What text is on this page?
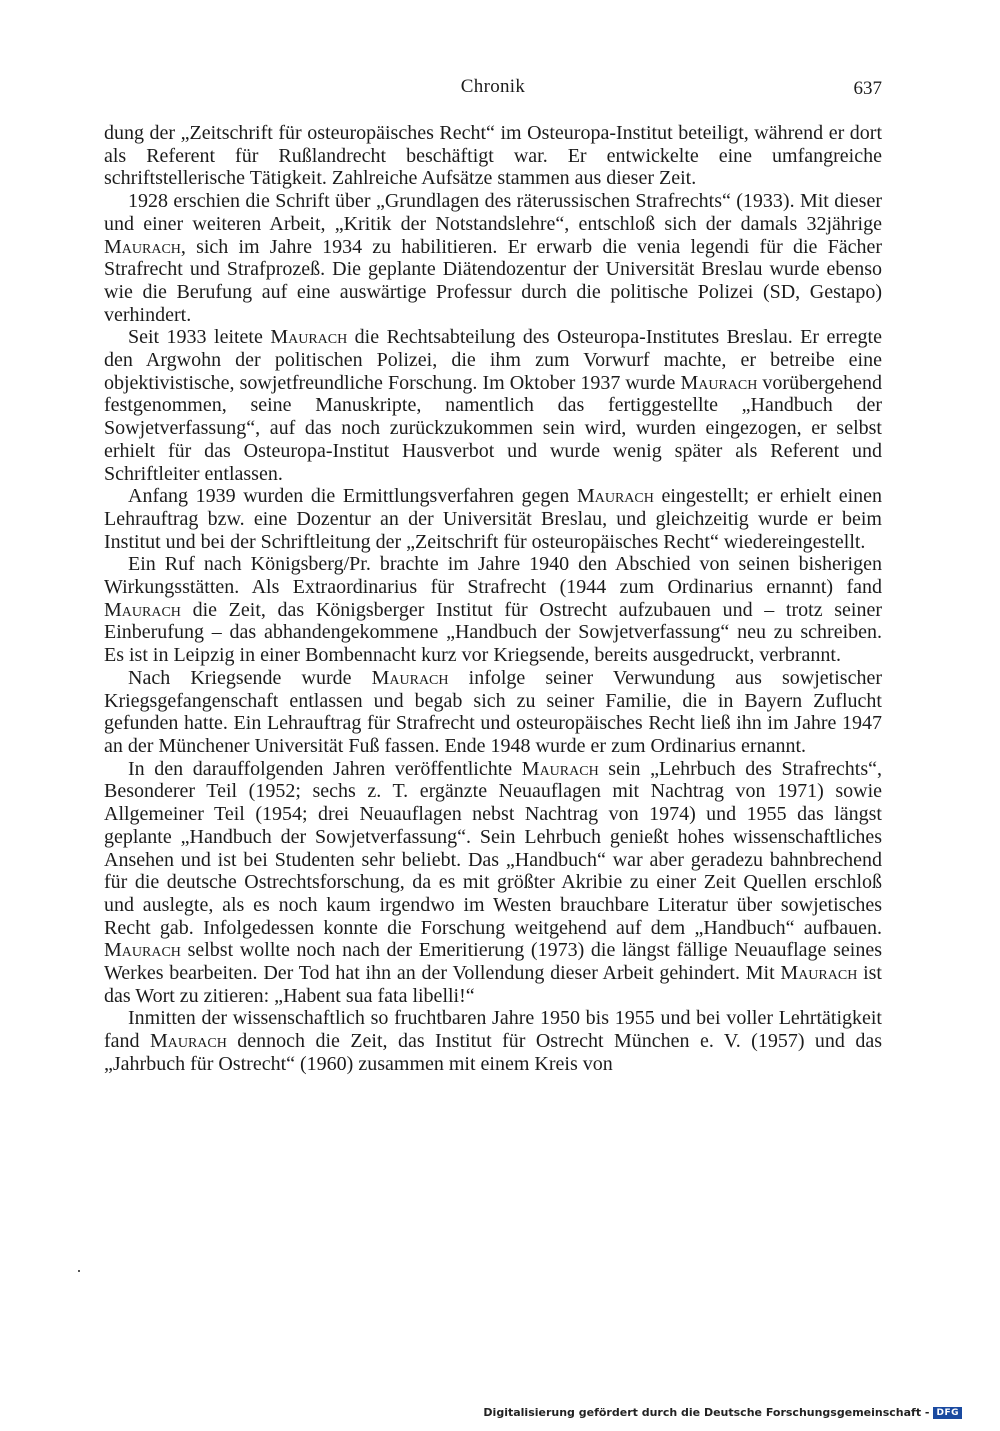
Chronik	637

dung der „Zeitschrift für osteuropäisches Recht“ im Osteuropa-Institut beteiligt, während er dort als Referent für Rußlandrecht beschäftigt war. Er entwickelte eine umfangreiche schriftstellerische Tätigkeit. Zahlreiche Aufsätze stammen aus dieser Zeit.

1928 erschien die Schrift über „Grundlagen des räterussischen Strafrechts“ (1933). Mit dieser und einer weiteren Arbeit, „Kritik der Notstandslehre“, entschloß sich der damals 32jährige Maurach, sich im Jahre 1934 zu habilitieren. Er erwarb die venia legendi für die Fächer Strafrecht und Strafprozeß. Die geplante Diätendozentur der Universität Breslau wurde ebenso wie die Berufung auf eine auswärtige Professur durch die politische Polizei (SD, Gestapo) verhindert.

Seit 1933 leitete Maurach die Rechtsabteilung des Osteuropa-Institutes Breslau. Er erregte den Argwohn der politischen Polizei, die ihm zum Vorwurf machte, er betreibe eine objektivistische, sowjetfreundliche Forschung. Im Oktober 1937 wurde Maurach vorübergehend festgenommen, seine Manuskripte, namentlich das fertiggestellte „Handbuch der Sowjetverfassung“, auf das noch zurückzukommen sein wird, wurden eingezogen, er selbst erhielt für das Osteuropa-Institut Hausverbot und wurde wenig später als Referent und Schriftleiter entlassen.

Anfang 1939 wurden die Ermittlungsverfahren gegen Maurach eingestellt; er erhielt einen Lehrauftrag bzw. eine Dozentur an der Universität Breslau, und gleichzeitig wurde er beim Institut und bei der Schriftleitung der „Zeitschrift für osteuropäisches Recht“ wiedereingestellt.

Ein Ruf nach Königsberg/Pr. brachte im Jahre 1940 den Abschied von seinen bisherigen Wirkungsstätten. Als Extraordinarius für Strafrecht (1944 zum Ordinarius ernannt) fand Maurach die Zeit, das Königsberger Institut für Ostrecht aufzubauen und – trotz seiner Einberufung – das abhandengekommene „Handbuch der Sowjetverfassung“ neu zu schreiben. Es ist in Leipzig in einer Bombennacht kurz vor Kriegsende, bereits ausgedruckt, verbrannt.

Nach Kriegsende wurde Maurach infolge seiner Verwundung aus sowjetischer Kriegsgefangenschaft entlassen und begab sich zu seiner Familie, die in Bayern Zuflucht gefunden hatte. Ein Lehrauftrag für Strafrecht und osteuropäisches Recht ließ ihn im Jahre 1947 an der Münchener Universität Fuß fassen. Ende 1948 wurde er zum Ordinarius ernannt.

In den darauffolgenden Jahren veröffentlichte Maurach sein „Lehrbuch des Strafrechts“, Besonderer Teil (1952; sechs z. T. ergänzte Neuauflagen mit Nachtrag von 1971) sowie Allgemeiner Teil (1954; drei Neuauflagen nebst Nachtrag von 1974) und 1955 das längst geplante „Handbuch der Sowjetverfassung“. Sein Lehrbuch genießt hohes wissenschaftliches Ansehen und ist bei Studenten sehr beliebt. Das „Handbuch“ war aber geradezu bahnbrechend für die deutsche Ostrechtsforschung, da es mit größter Akribie zu einer Zeit Quellen erschloß und auslegte, als es noch kaum irgendwo im Westen brauchbare Literatur über sowjetisches Recht gab. Infolgedessen konnte die Forschung weitgehend auf dem „Handbuch“ aufbauen. Maurach selbst wollte noch nach der Emeritierung (1973) die längst fällige Neuauflage seines Werkes bearbeiten. Der Tod hat ihn an der Vollendung dieser Arbeit gehindert. Mit Maurach ist das Wort zu zitieren: „Habent sua fata libelli!“

Inmitten der wissenschaftlich so fruchtbaren Jahre 1950 bis 1955 und bei voller Lehrtätigkeit fand Maurach dennoch die Zeit, das Institut für Ostrecht München e. V. (1957) und das „Jahrbuch für Ostrecht“ (1960) zusammen mit einem Kreis von

Digitalisierung gefördert durch die Deutsche Forschungsgemeinschaft - DFG
